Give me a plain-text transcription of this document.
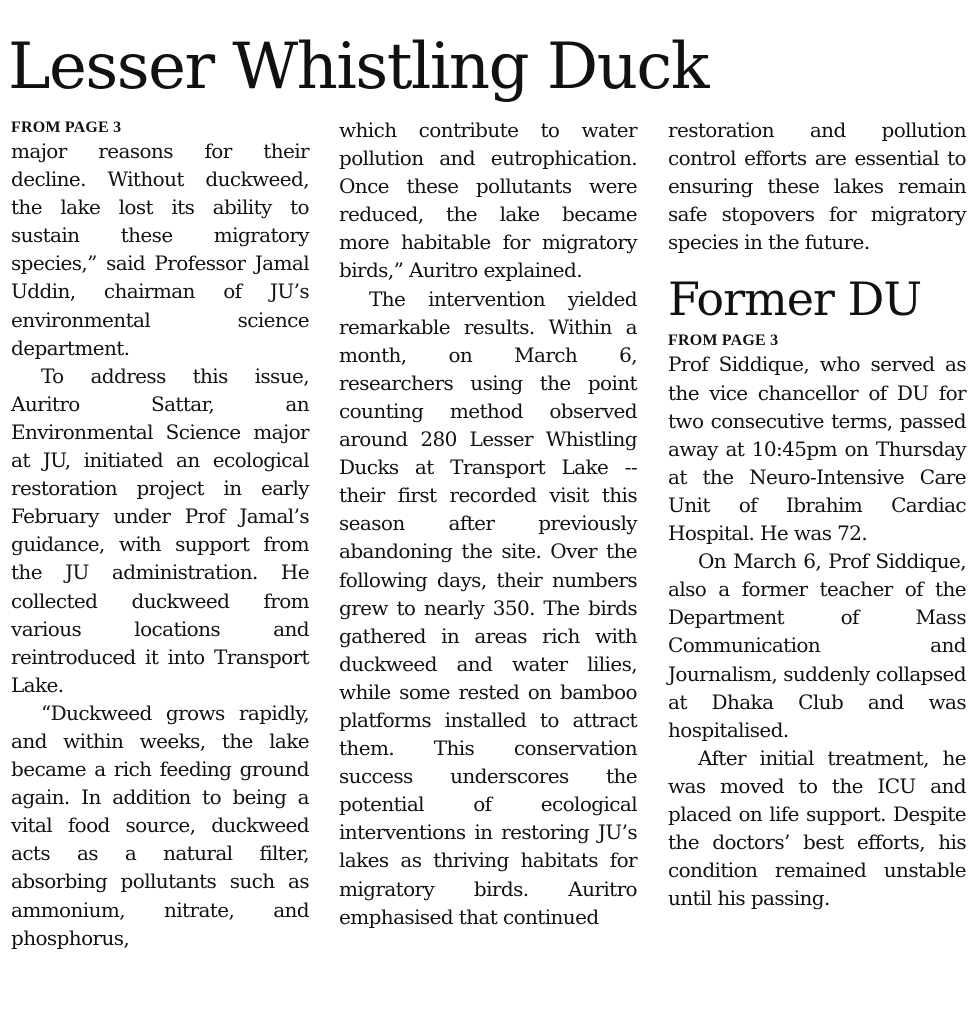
Lesser Whistling Duck
FROM PAGE 3

major reasons for their decline. Without duckweed, the lake lost its ability to sustain these migratory species,” said Professor Jamal Uddin, chairman of JU’s environmental science department.

To address this issue, Auritro Sattar, an Environmental Science major at JU, initiated an ecological restoration project in early February under Prof Jamal’s guidance, with support from the JU administration. He collected duckweed from various locations and reintroduced it into Transport Lake.

“Duckweed grows rapidly, and within weeks, the lake became a rich feeding ground again. In addition to being a vital food source, duckweed acts as a natural filter, absorbing pollutants such as ammonium, nitrate, and phosphorus,

which contribute to water pollution and eutrophication. Once these pollutants were reduced, the lake became more habitable for migratory birds,” Auritro explained.

The intervention yielded remarkable results. Within a month, on March 6, researchers using the point counting method observed around 280 Lesser Whistling Ducks at Transport Lake -- their first recorded visit this season after previously abandoning the site. Over the following days, their numbers grew to nearly 350. The birds gathered in areas rich with duckweed and water lilies, while some rested on bamboo platforms installed to attract them. This conservation success underscores the potential of ecological interventions in restoring JU’s lakes as thriving habitats for migratory birds. Auritro emphasised that continued

restoration and pollution control efforts are essential to ensuring these lakes remain safe stopovers for migratory species in the future.

Former DU
FROM PAGE 3

Prof Siddique, who served as the vice chancellor of DU for two consecutive terms, passed away at 10:45pm on Thursday at the Neuro-Intensive Care Unit of Ibrahim Cardiac Hospital. He was 72.

On March 6, Prof Siddique, also a former teacher of the Department of Mass Communication and Journalism, suddenly collapsed at Dhaka Club and was hospitalised.

After initial treatment, he was moved to the ICU and placed on life support. Despite the doctors’ best efforts, his condition remained unstable until his passing.
